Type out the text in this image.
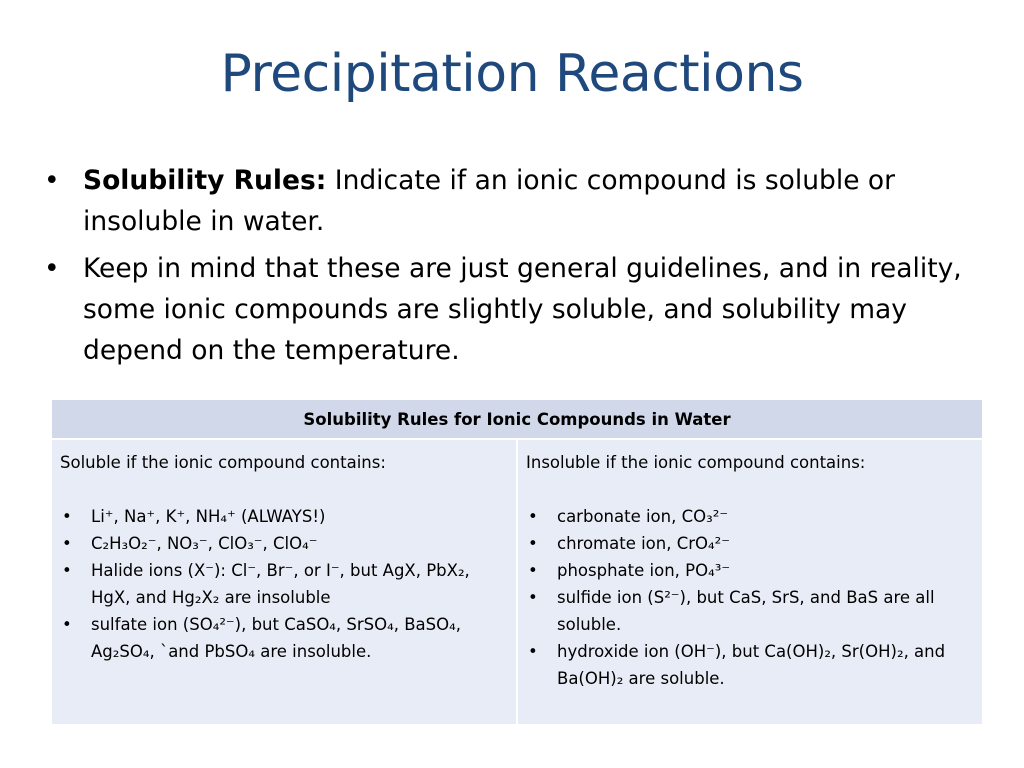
Precipitation Reactions
• Solubility Rules: Indicate if an ionic compound is soluble or insoluble in water.
• Keep in mind that these are just general guidelines, and in reality, some ionic compounds are slightly soluble, and solubility may depend on the temperature.
Solubility Rules for Ionic Compounds in Water

Soluble if the ionic compound contains:
• Li⁺, Na⁺, K⁺, NH₄⁺ (ALWAYS!)
• C₂H₃O₂⁻, NO₃⁻, ClO₃⁻, ClO₄⁻
• Halide ions (X⁻): Cl⁻, Br⁻, or I⁻, but AgX, PbX₂, HgX, and Hg₂X₂ are insoluble
• sulfate ion (SO₄²⁻), but CaSO₄, SrSO₄, BaSO₄, Ag₂SO₄, `and PbSO₄ are insoluble.

Insoluble if the ionic compound contains:
• carbonate ion, CO₃²⁻
• chromate ion, CrO₄²⁻
• phosphate ion, PO₄³⁻
• sulfide ion (S²⁻), but CaS, SrS, and BaS are all soluble.
• hydroxide ion (OH⁻), but Ca(OH)₂, Sr(OH)₂, and Ba(OH)₂ are soluble.
